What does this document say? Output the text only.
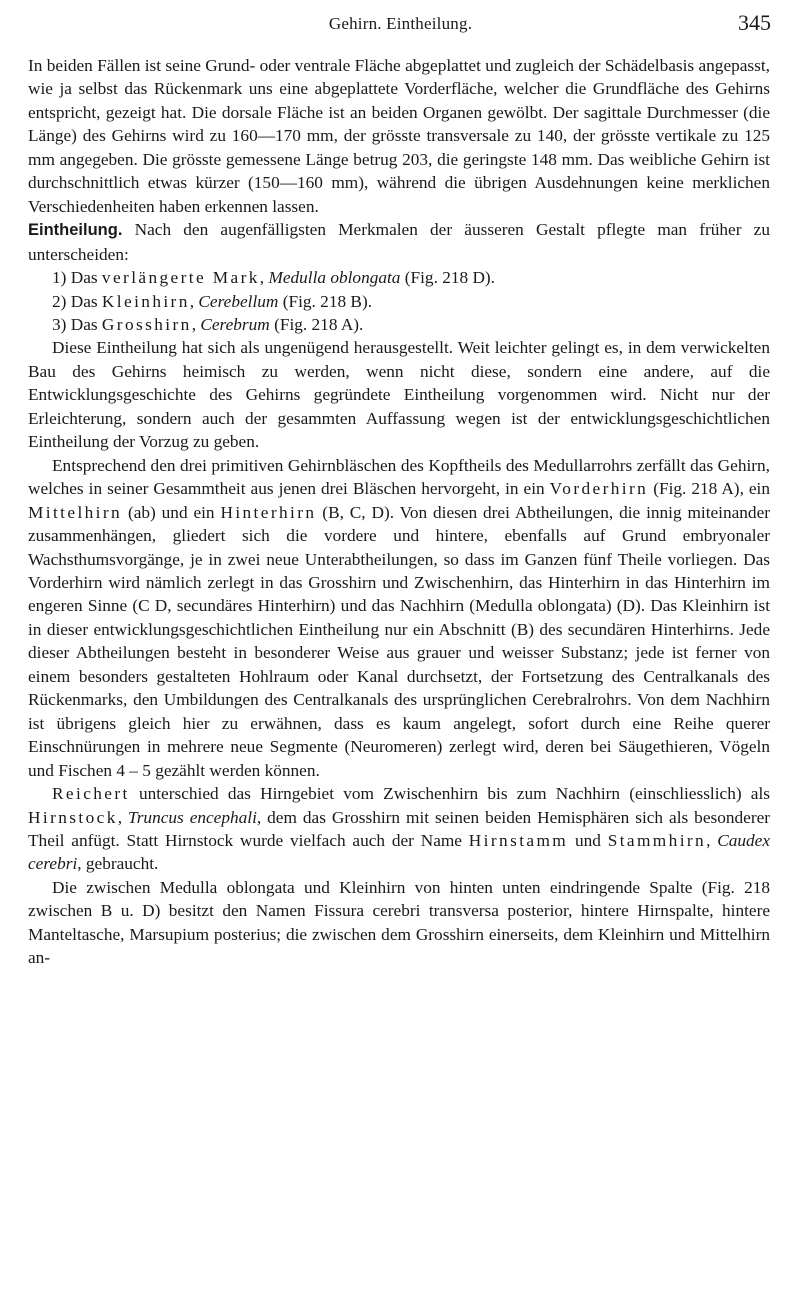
Gehirn. Eintheilung.	345

In beiden Fällen ist seine Grund- oder ventrale Fläche abgeplattet und zugleich der Schädelbasis angepasst, wie ja selbst das Rückenmark uns eine abgeplattete Vorderfläche, welcher die Grundfläche des Gehirns entspricht, gezeigt hat. Die dorsale Fläche ist an beiden Organen gewölbt. Der sagittale Durchmesser (die Länge) des Gehirns wird zu 160—170 mm, der grösste transversale zu 140, der grösste vertikale zu 125 mm angegeben. Die grösste gemessene Länge betrug 203, die geringste 148 mm. Das weibliche Gehirn ist durchschnittlich etwas kürzer (150—160 mm), während die übrigen Ausdehnungen keine merklichen Verschiedenheiten haben erkennen lassen.

Eintheilung. Nach den augenfälligsten Merkmalen der äusseren Gestalt pflegte man früher zu unterscheiden:

1) Das verlängerte Mark, Medulla oblongata (Fig. 218 D).

2) Das Kleinhirn, Cerebellum (Fig. 218 B).

3) Das Grosshirn, Cerebrum (Fig. 218 A).

Diese Eintheilung hat sich als ungenügend herausgestellt. Weit leichter gelingt es, in dem verwickelten Bau des Gehirns heimisch zu werden, wenn nicht diese, sondern eine andere, auf die Entwicklungsgeschichte des Gehirns gegründete Eintheilung vorgenommen wird. Nicht nur der Erleichterung, sondern auch der gesammten Auffassung wegen ist der entwicklungsgeschichtlichen Eintheilung der Vorzug zu geben.

Entsprechend den drei primitiven Gehirnbläschen des Kopftheils des Medullarrohrs zerfällt das Gehirn, welches in seiner Gesammtheit aus jenen drei Bläschen hervorgeht, in ein Vorderhirn (Fig. 218 A), ein Mittelhirn (ab) und ein Hinterhirn (B, C, D). Von diesen drei Abtheilungen, die innig miteinander zusammenhängen, gliedert sich die vordere und hintere, ebenfalls auf Grund embryonaler Wachsthumsvorgänge, je in zwei neue Unterabtheilungen, so dass im Ganzen fünf Theile vorliegen. Das Vorderhirn wird nämlich zerlegt in das Grosshirn und Zwischenhirn, das Hinterhirn in das Hinterhirn im engeren Sinne (C D, secundäres Hinterhirn) und das Nachhirn (Medulla oblongata) (D). Das Kleinhirn ist in dieser entwicklungsgeschichtlichen Eintheilung nur ein Abschnitt (B) des secundären Hinterhirns. Jede dieser Abtheilungen besteht in besonderer Weise aus grauer und weisser Substanz; jede ist ferner von einem besonders gestalteten Hohlraum oder Kanal durchsetzt, der Fortsetzung des Centralkanals des Rückenmarks, den Umbildungen des Centralkanals des ursprünglichen Cerebralrohrs. Von dem Nachhirn ist übrigens gleich hier zu erwähnen, dass es kaum angelegt, sofort durch eine Reihe querer Einschnürungen in mehrere neue Segmente (Neuromeren) zerlegt wird, deren bei Säugethieren, Vögeln und Fischen 4 – 5 gezählt werden können.

Reichert unterschied das Hirngebiet vom Zwischenhirn bis zum Nachhirn (einschliesslich) als Hirnstock, Truncus encephali, dem das Grosshirn mit seinen beiden Hemisphären sich als besonderer Theil anfügt. Statt Hirnstock wurde vielfach auch der Name Hirnstamm und Stammhirn, Caudex cerebri, gebraucht.

Die zwischen Medulla oblongata und Kleinhirn von hinten unten eindringende Spalte (Fig. 218 zwischen B u. D) besitzt den Namen Fissura cerebri transversa posterior, hintere Hirnspalte, hintere Manteltasche, Marsupium posterius; die zwischen dem Grosshirn einerseits, dem Kleinhirn und Mittelhirn an-
